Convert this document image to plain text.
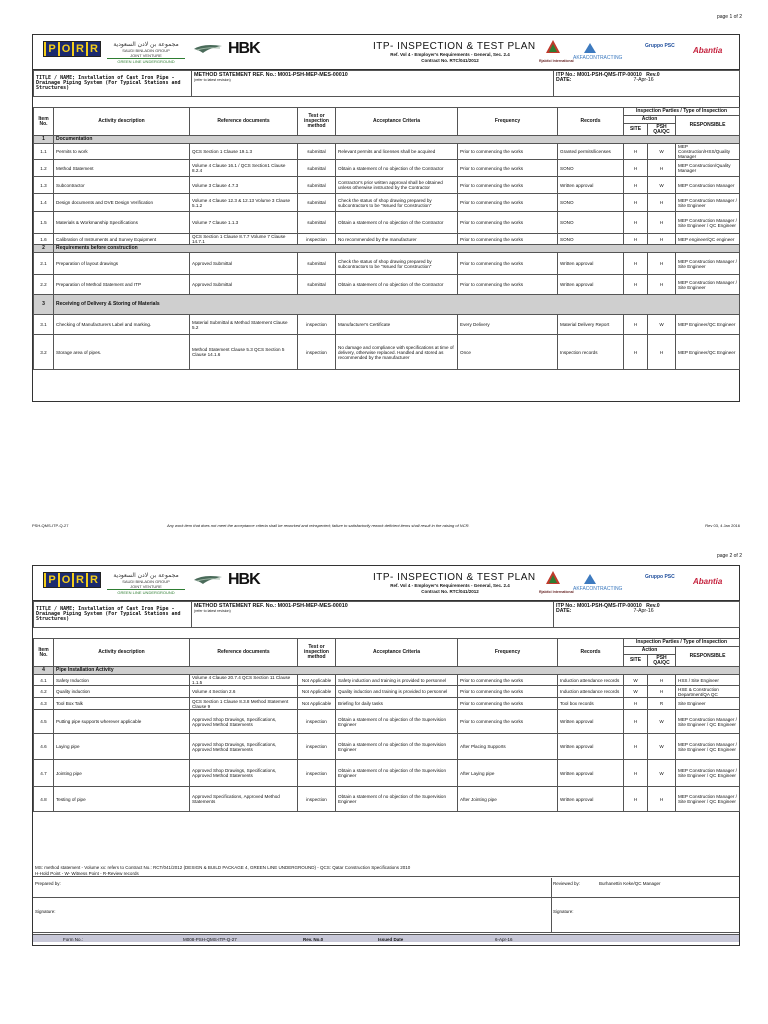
page 1 of 2
P O R R	مجموعة بن لادن السعودية
SAUDI BINLADIN GROUP
JOINT VENTURE
GREEN LINE UNDERGROUND
HBK	ITP- INSPECTION & TEST PLAN
Ref. Vol 4 - Employer's Requirements - General, Sec. 2.4
Contract No. RTC/041/2012	Rjabitci International AKFACONTRACTING
Gruppo PSC Abantia
TITLE / NAME: Installation of Cast Iron Pipe - Drainage Piping System (For Typical Stations and Structures)	
METHOD STATEMENT REF. No.: M001-PSH-MEP-MES-00010
(refer to latest revision)

ITP No.: M001-PSH-QMS-ITP-00010 Rev.0
DATE:	7-Apr-16
Item No.	Activity description	Reference documents	Test or inspection method	Acceptance Criteria	Frequency	Records	Inspection Parties / Type of Inspection		
							Action		RESPONSIBLE
							SITE	PSH QA/QC	
1	Documentation								
1.1	Permits to work	QCS Section 1 Clause 19.1.3	submittal	Relevant permits and licenses shall be acquired	Prior to commencing the works	Granted permits/licenses	H	W	MEP Construction/HSS/Quality Manager
1.2	Method Statement	Volume 4 Clause 16.1 / QCS Section1 Clause 8.2.4	submittal	Obtain a statement of no objection of the Contractor	Prior to commencing the works	SONO	H	H	MEP Construction/Quality Manager
1.3	Subcontractor	Volume 3 Clause 4.7.3	submittal	Contractor's prior written approval shall be obtained unless otherwise instructed by the Contractor	Prior to commencing the works	Written approval	H	W	MEP Construction Manager
1.4	Design documents and DVE Design Verification	Volume 4 Clause 12.3 & 12.13 Volume 3 Clause 5.1.2	submittal	Check the status of shop drawing prepared by subcontractors to be "Issued for Construction"	Prior to commencing the works	SONO	H	H	MEP Construction Manager / Site Engineer
1.5	Materials & Workmanship Specifications	Volume 7 Clause 1.1.3	submittal	Obtain a statement of no objection of the Contractor	Prior to commencing the works	SONO	H	H	MEP Construction Manager / Site Engineer / QC Engineer
1.6	Calibration of Instruments and Survey Equipment	QCS Section 1 Clause 8.7.7 Volume 7 Clause 14.7.1	inspection	No recommended by the manufacturer	Prior to commencing the works	SONO	H	H	MEP engineer/QC engineer
2	Requirements before construction								
2.1	Preparation of layout drawings	Approved Submittal	submittal	Check the status of shop drawing prepared by subcontractors to be "Issued for Construction"	Prior to commencing the works	Written approval	H	H	MEP Construction Manager / Site Engineer
2.2	Preparation of Method Statement and ITP	Approved Submittal	submittal	Obtain a statement of no objection of the Contractor	Prior to commencing the works	Written approval	H	H	MEP Construction Manager / Site Engineer
3	Receiving of Delivery & Storing of Materials								
3.1	Checking of Manufacturers Label and marking.	Material Submittal & Method Statement Clause 5.2	inspection	Manufacturer's Certificate	Every Delivery	Material Delivery Report	H	W	MEP Engineer/QC Engineer
3.2	Storage area of pipes.	Method Statement Clause 5.3 QCS Section 5 Clause 14.1.6	inspection	No damage and compliance with specifications at time of delivery, otherwise replaced. Handled and stored as recommended by the manufacturer	Once	Inspection records	H	H	MEP Engineer/QC Engineer
PSH-QMS-ITP-Q-27	Any work item that does not meet the acceptance criteria shall be reworked and reinspected; failure to satisfactorily rework deficient items shall result in the raising of NCR.	Rev 03, 4 Jan 2016
page 2 of 2
P O R R	مجموعة بن لادن السعودية
SAUDI BINLADIN GROUP
JOINT VENTURE
GREEN LINE UNDERGROUND
HBK	ITP- INSPECTION & TEST PLAN
Ref. Vol 4 - Employer's Requirements - General, Sec. 2.4
Contract No. RTC/041/2012	Rjabitci International AKFACONTRACTING
Gruppo PSC Abantia
TITLE / NAME: Installation of Cast Iron Pipe - Drainage Piping System (For Typical Stations and Structures)	
METHOD STATEMENT REF. No.: M001-PSH-MEP-MES-00010
(refer to latest revision)

ITP No.: M001-PSH-QMS-ITP-00010 Rev.0
DATE:	7-Apr-16
Item No.	Activity description	Reference documents	Test or inspection method	Acceptance Criteria	Frequency	Records	Inspection Parties / Type of Inspection		
							Action		RESPONSIBLE
							SITE	PSH QA/QC	
4	Pipe Installation Activity								
4.1	Safety Induction	Volume 4 Clause 20.7.4 QCS Section 11 Clause 1.1.5	Not Applicable	Safety induction and training is provided to personnel	Prior to commencing the works	Induction attendance records	W	H	HSS / Site Engineer
4.2	Quality induction	Volume 4 Section 2.6	Not Applicable	Quality induction and training is provided to personnel	Prior to commencing the works	Induction attendance records	W	H	HSE & Construction Department/QA QC
4.3	Tool Box Talk	QCS Section 1 Clause 8.3.8 Method Statement Clause 9	Not Applicable	Briefing for daily tasks	Prior to commencing the works	Tool box records	H	R	Site Engineer
4.5	Putting pipe supports wherever applicable	Approved Shop Drawings, Specifications, Approved Method Statements	inspection	Obtain a statement of no objection of the Supervision Engineer	Prior to commencing the works	Written approval	H	W	MEP Construction Manager / Site Engineer / QC Engineer
4.6	Laying pipe	Approved Shop Drawings, Specifications, Approved Method Statements	inspection	Obtain a statement of no objection of the Supervision Engineer	After Placing Supports	Written approval	H	W	MEP Construction Manager / Site Engineer / QC Engineer
4.7	Jointing pipe	Approved Shop Drawings, Specifications, Approved Method Statements	inspection	Obtain a statement of no objection of the Supervision Engineer	After Laying pipe	Written approval	H	W	MEP Construction Manager / Site Engineer / QC Engineer
4.8	Testing of pipe	Approved Specifications, Approved Method Statements	inspection	Obtain a statement of no objection of the Supervision Engineer	After Jointing pipe	Written approval	H	H	MEP Construction Manager / Site Engineer / QC Engineer
MS: method statement - Volume xx: refers to Contract No.: RCT/041/2012 (DESIGN & BUILD PACKAGE 4, GREEN LINE UNDERGROUND) - QCS: Qatar Construction Specifications 2010
H-Hold Point - W- Witness Point - R-Review records
Prepared by:	Reviewed by:	Burhanettin Keke/QC Manager
Signature:	Signature:
Form No.:	M008-PSH-QMS-ITP-Q-27	Rev. No.0	Issued Date	6-Apr-16
